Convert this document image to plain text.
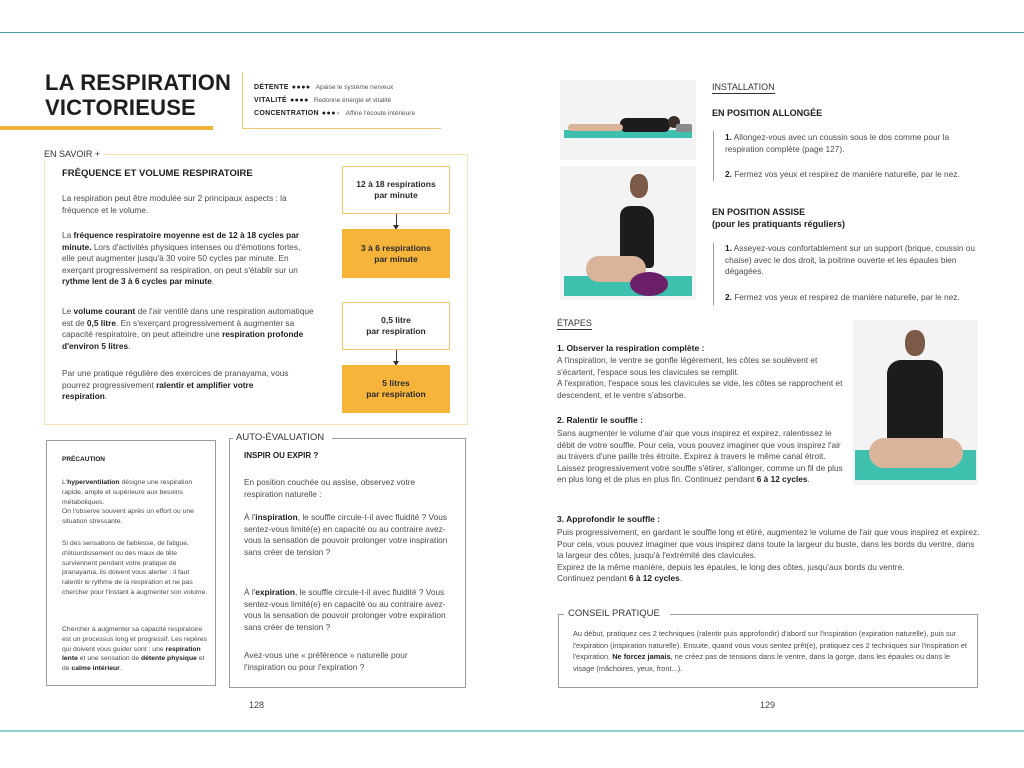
LA RESPIRATION
VICTORIEUSE
DÉTENTE ●●●● Apaise le système nerveux
VITALITÉ ●●●● Redonne énergie et vitalité
CONCENTRATION ●●●● Affine l'écoute intérieure
EN SAVOIR +
FRÊQUENCE ET VOLUME RESPIRATOIRE
La respiration peut être modulée sur 2 principaux aspects : la fréquence et le volume.
La fréquence respiratoire moyenne est de 12 à 18 cycles par minute. Lors d'activités physiques intenses ou d'émotions fortes, elle peut augmenter jusqu'à 30 voire 50 cycles par minute. En exerçant progressivement sa respiration, on peut s'établir sur un rythme lent de 3 à 6 cycles par minute.
Le volume courant de l'air ventilé dans une respiration automatique est de 0,5 litre. En s'exerçant progressivement à augmenter sa capacité respiratoire, on peut atteindre une respiration profonde d'environ 5 litres.
Par une pratique régulière des exercices de pranayama, vous pourrez progressivement ralentir et amplifier votre respiration.
12 à 18 respirations
par minute
3 à 6 respirations
par minute
0,5 litre
par respiration
5 litres
par respiration
PRÉCAUTION
L'hyperventilation désigne une respiration rapide, ample et supérieure aux besoins métaboliques.
On l'observe souvent après un effort ou une situation stressante.
Si des sensations de faiblesse, de fatigue, d'étourdissement ou des maux de tête surviennent pendant votre pratique de pranayama, ils doivent vous alerter : il faut ralentir le rythme de la respiration et ne pas chercher pour l'instant à augmenter son volume.
Chercher à augmenter sa capacité respiratoire est un processus long et progressif. Les repères qui doivent vous guider sont : une respiration lente et une sensation de détente physique et de calme intérieur.
AUTO-ÉVALUATION
INSPIR OU EXPIR ?
En position couchée ou assise, observez votre respiration naturelle :
À l'inspiration, le souffle circule-t-il avec fluidité ? Vous sentez-vous limité(e) en capacité ou au contraire avez-vous la sensation de pouvoir prolonger votre inspiration sans créer de tension ?
À l'expiration, le souffle circule-t-il avec fluidité ? Vous sentez-vous limité(e) en capacité ou au contraire avez-vous la sensation de pouvoir prolonger votre expiration sans créer de tension ?
Avez-vous une « préférence » naturelle pour l'inspiration ou pour l'expiration ?
128
INSTALLATION
EN POSITION ALLONGÉE
1. Allongez-vous avec un coussin sous le dos comme pour la respiration complète (page 127).
2. Fermez vos yeux et respirez de manière naturelle, par le nez.
EN POSITION ASSISE
(pour les pratiquants réguliers)
1. Asseyez-vous confortablement sur un support (brique, coussin ou chaise) avec le dos droit, la poitrine ouverte et les épaules bien dégagées.
2. Fermez vos yeux et respirez de manière naturelle, par le nez.
ÉTAPES
1. Observer la respiration complète :
A l'inspiration, le ventre se gonfle légèrement, les côtes se soulèvent et s'écartent, l'espace sous les clavicules se remplit.
A l'expiration, l'espace sous les clavicules se vide, les côtes se rapprochent et descendent, et le ventre s'absorbe.
2. Ralentir le souffle :
Sans augmenter le volume d'air que vous inspirez et expirez, ralentissez le débit de votre souffle. Pour cela, vous pouvez imaginer que vous inspirez l'air au travers d'une paille très étroite. Expirez à travers le même canal étroit. Laissez progressivement votre souffle s'étirer, s'allonger, comme un fil de plus en plus long et de plus en plus fin. Continuez pendant 6 à 12 cycles.
3. Approfondir le souffle :
Puis progressivement, en gardant le souffle long et étiré, augmentez le volume de l'air que vous inspirez et expirez. Pour cela, vous pouvez imaginer que vous inspirez dans toute la largeur du buste, dans les bords du ventre, dans la largeur des côtes, jusqu'à l'extrémité des clavicules.
Expirez de la même manière, depuis les épaules, le long des côtes, jusqu'aux bords du ventre.
Continuez pendant 6 à 12 cycles.
CONSEIL PRATIQUE
Au début, pratiquez ces 2 techniques (ralentir puis approfondir) d'abord sur l'inspiration (expiration naturelle), puis sur l'expiration (inspiration naturelle). Ensuite, quand vous vous sentez prêt(e), pratiquez ces 2 techniques sur l'inspiration et l'expiration. Ne forcez jamais, ne créez pas de tensions dans le ventre, dans la gorge, dans les épaules ou dans le visage (mâchoires, yeux, front...).
129
